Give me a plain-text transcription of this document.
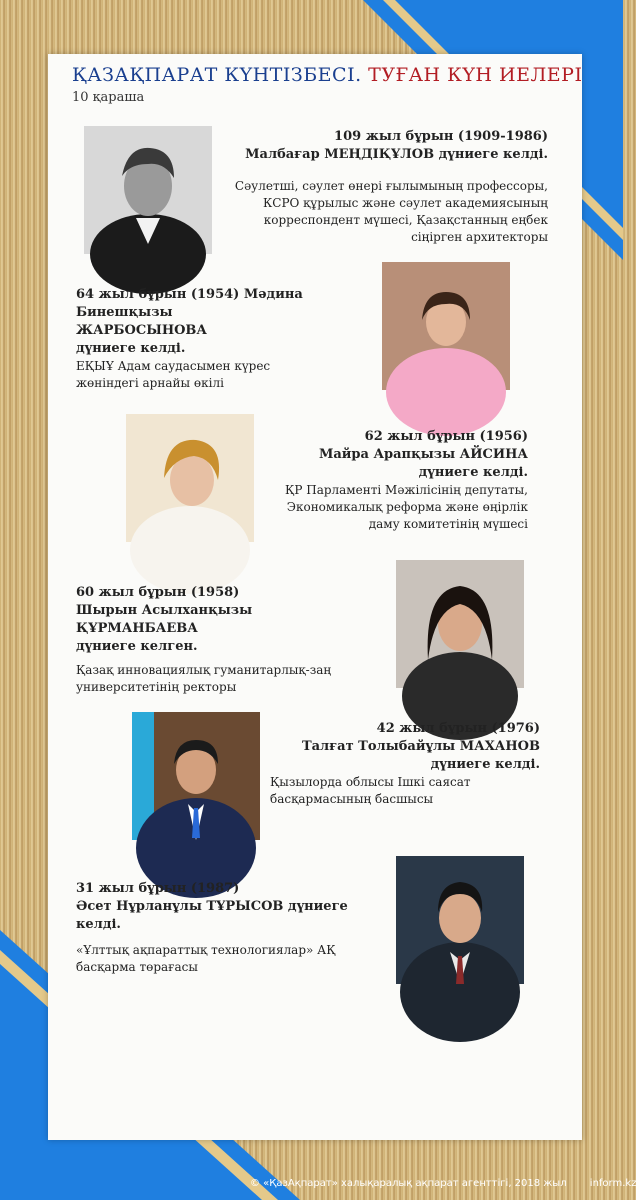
ҚАЗАҚПАРАТ КҮНТІЗБЕСІ. ТУҒАН КҮН ИЕЛЕРІ
10 қараша
109 жыл бұрын (1909-1986)
Малбағар МЕҢДІҚҰЛОВ дүниеге келді.
Сәулетші, сәулет өнері ғылымының профессоры, КСРО құрылыс және сәулет академиясының корреспондент мүшесі, Қазақстанның еңбек сіңірген архитекторы
64 жыл бұрын (1954) Мәдина
Бинешқызы ЖАРБОСЫНОВА
дүниеге келді.
ЕҚЫҰ Адам саудасымен күрес жөніндегі арнайы өкілі
62 жыл бұрын (1956)
Майра Арапқызы АЙСИНА
дүниеге келді.
ҚР Парламенті Мәжілісінің депутаты, Экономикалық реформа және өңірлік даму комитетінің мүшесі
60 жыл бұрын (1958)
Шырын Асылханқызы ҚҰРМАНБАЕВА
дүниеге келген.
Қазақ инновациялық гуманитарлық-заң университетінің ректоры
42 жыл бұрын (1976)
Талғат Толыбайұлы МАХАНОВ
дүниеге келді.
Қызылорда облысы Ішкі саясат басқармасының басшысы
31 жыл бұрын (1987)
Әсет Нұрланұлы ТҰРЫСОВ дүниеге келді.
«Ұлттық ақпараттық технологиялар» АҚ басқарма төрағасы
© «ҚазАқпарат» халықаралық ақпарат агенттігі, 2018 жыл inform.kz
